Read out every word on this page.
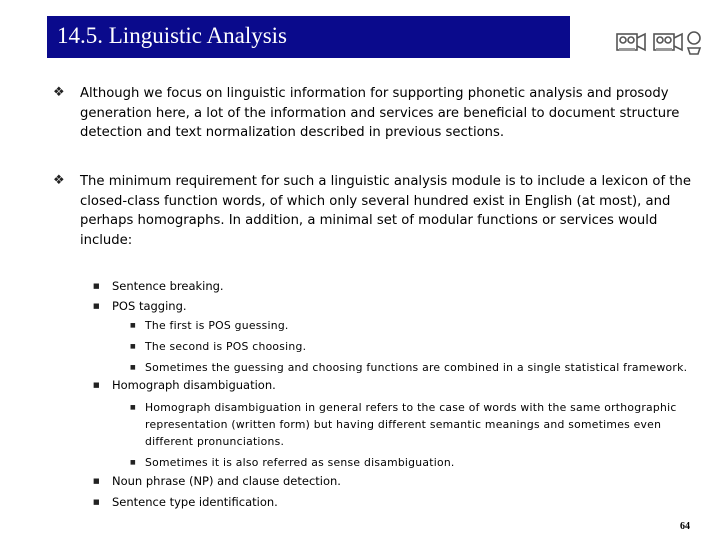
14.5. Linguistic Analysis
❖ Although we focus on linguistic information for supporting phonetic analysis and prosody generation here, a lot of the information and services are beneficial to document structure detection and text normalization described in previous sections.
❖ The minimum requirement for such a linguistic analysis module is to include a lexicon of the closed-class function words, of which only several hundred exist in English (at most), and perhaps homographs. In addition, a minimal set of modular functions or services would include:
■ Sentence breaking.
■ POS tagging.
■ The first is POS guessing.
■ The second is POS choosing.
■ Sometimes the guessing and choosing functions are combined in a single statistical framework.
■ Homograph disambiguation.
■ Homograph disambiguation in general refers to the case of words with the same orthographic representation (written form) but having different semantic meanings and sometimes even different pronunciations.
■ Sometimes it is also referred as sense disambiguation.
■ Noun phrase (NP) and clause detection.
■ Sentence type identification.
64
